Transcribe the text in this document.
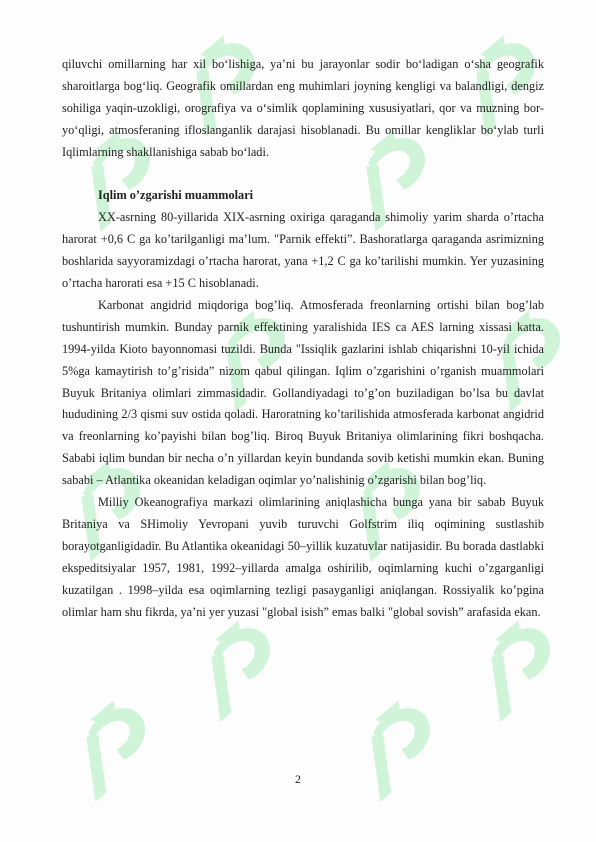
qiluvchi omillarning har xil bo‘lishiga, ya’ni bu jarayonlar sodir bo‘ladigan o‘sha geografik sharoitlarga bog‘liq. Geografik omillardan eng muhimlari joyning kengligi va balandligi, dengiz sohiliga yaqin-uzokligi, orografiya va o‘simlik qoplamining xususiyatlari, qor va muzning bor-yo‘qligi, atmosferaning ifloslanganlik darajasi hisoblanadi. Bu omillar kengliklar bo‘ylab turli Iqlimlarning shakllanishiga sabab bo‘ladi.

Iqlim o’zgarishi muammolari

XX-asrning 80-yillarida XIX-asrning oxiriga qaraganda shimoliy yarim sharda o’rtacha harorat +0,6 C ga ko’tarilganligi ma’lum. "Parnik effekti”. Bashoratlarga qaraganda asrimizning boshlarida sayyoramizdagi o’rtacha harorat, yana +1,2 C ga ko’tarilishi mumkin. Yer yuzasining o’rtacha harorati esa +15 C hisoblanadi.

Karbonat angidrid miqdoriga bog’liq. Atmosferada freonlarning ortishi bilan bog’lab tushuntirish mumkin. Bunday parnik effektining yaralishida IES ca AES larning xissasi katta. 1994-yilda Kioto bayonnomasi tuzildi. Bunda "Issiqlik gazlarini ishlab chiqarishni 10-yil ichida 5%ga kamaytirish to’g’risida” nizom qabul qilingan. Iqlim o’zgarishini o’rganish muammolari Buyuk Britaniya olimlari zimmasidadir. Gollandiyadagi to’g’on buziladigan bo’lsa bu davlat hududining 2/3 qismi suv ostida qoladi. Haroratning ko’tarilishida atmosferada karbonat angidrid va freonlarning ko’payishi bilan bog’liq. Biroq Buyuk Britaniya olimlarining fikri boshqacha. Sababi iqlim bundan bir necha o’n yillardan keyin bundanda sovib ketishi mumkin ekan. Buning sababi – Atlantika okeanidan keladigan oqimlar yo’nalishinig o’zgarishi bilan bog’liq.

Milliy Okeanografiya markazi olimlarining aniqlashicha bunga yana bir sabab Buyuk Britaniya va SHimoliy Yevropani yuvib turuvchi Golfstrim iliq oqimining sustlashib borayotganligidadir. Bu Atlantika okeanidagi 50–yillik kuzatuvlar natijasidir. Bu borada dastlabki ekspeditsiyalar 1957, 1981, 1992–yillarda amalga oshirilib, oqimlarning kuchi o’zgarganligi kuzatilgan . 1998–yilda esa oqimlarning tezligi pasayganligi aniqlangan. Rossiyalik ko’pgina olimlar ham shu fikrda, ya’ni yer yuzasi "global isish” emas balki "global sovish” arafasida ekan.

2
